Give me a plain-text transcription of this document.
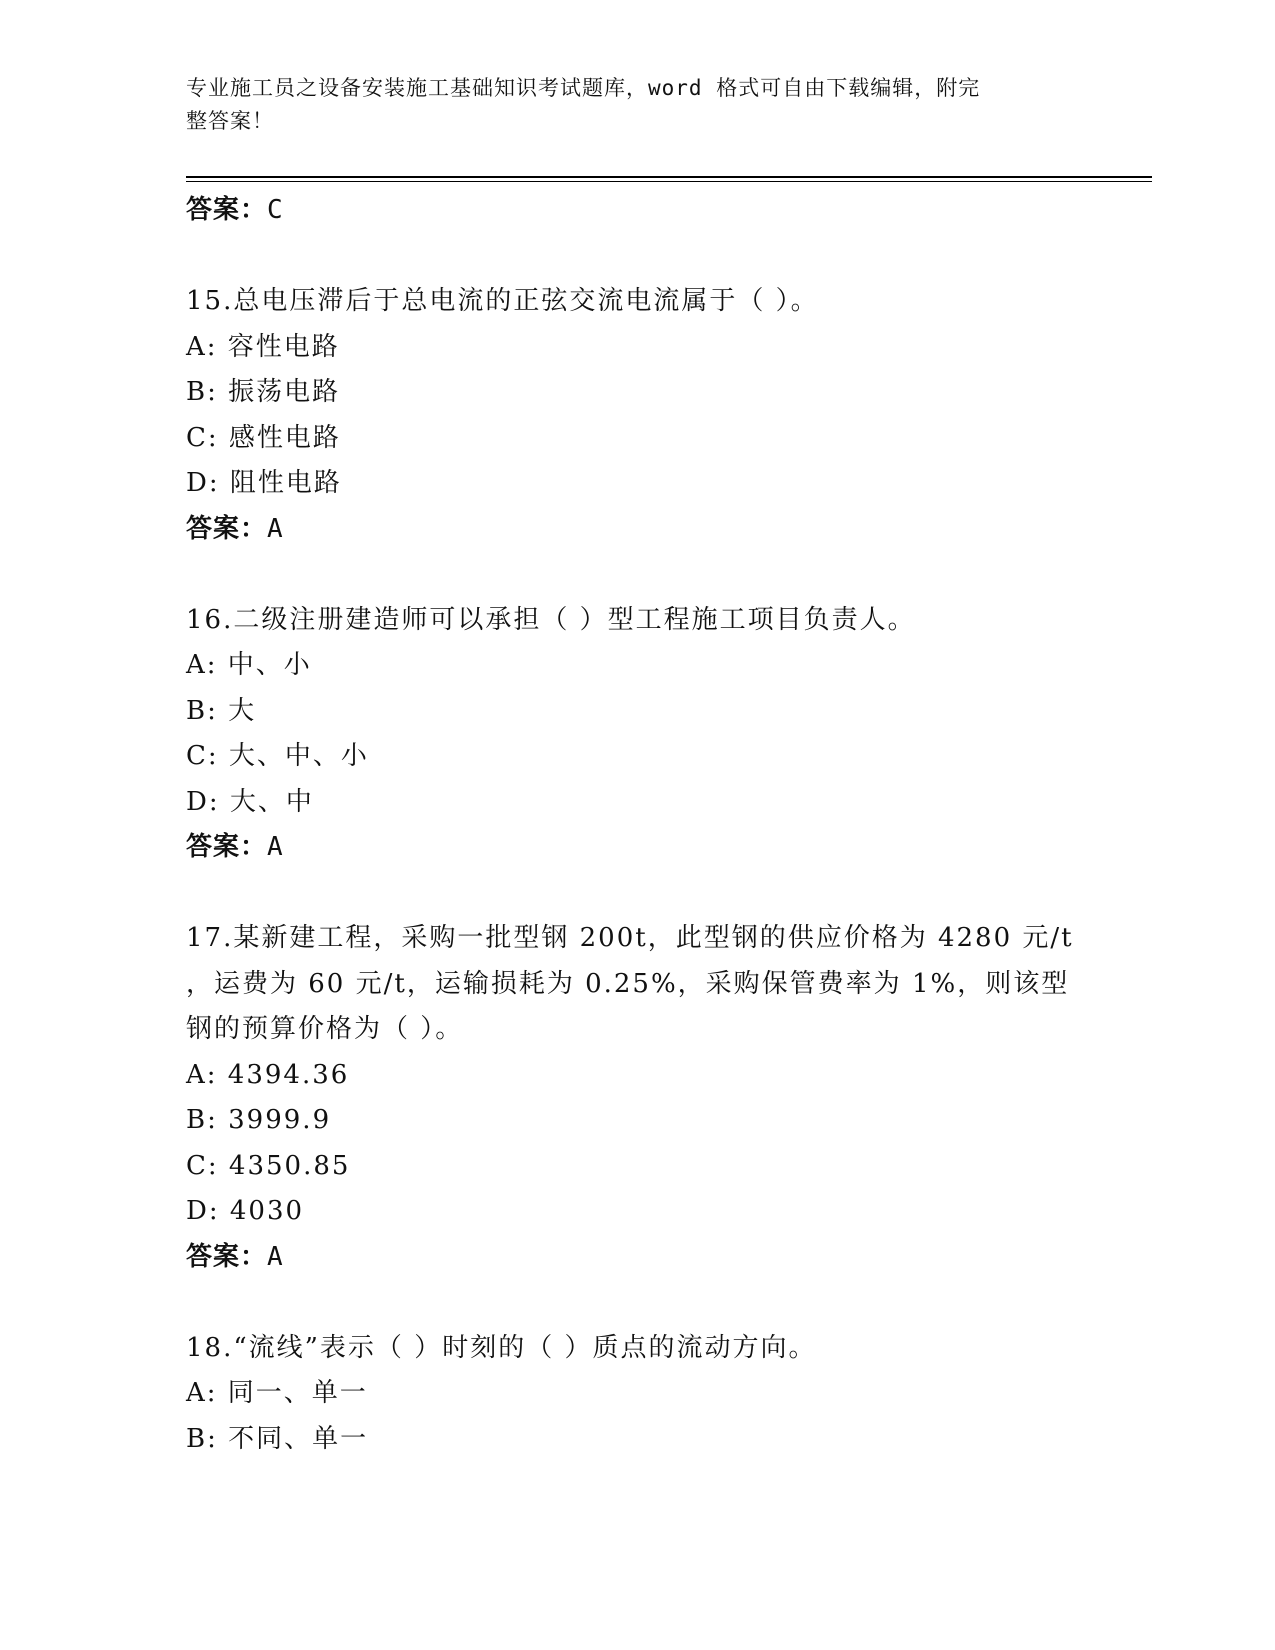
专业施工员之设备安装施工基础知识考试题库，word 格式可自由下载编辑，附完
整答案！
答案：C
15.总电压滞后于总电流的正弦交流电流属于（ ）。
A: 容性电路
B: 振荡电路
C: 感性电路
D: 阻性电路
答案：A
16.二级注册建造师可以承担（ ）型工程施工项目负责人。
A: 中、小
B: 大
C: 大、中、小
D: 大、中
答案：A
17.某新建工程，采购一批型钢 200t，此型钢的供应价格为 4280 元/t
，运费为 60 元/t，运输损耗为 0.25%，采购保管费率为 1%，则该型
钢的预算价格为（ ）。
A: 4394.36
B: 3999.9
C: 4350.85
D: 4030
答案：A
18.“流线”表示（ ）时刻的（ ）质点的流动方向。
A: 同一、单一
B: 不同、单一
